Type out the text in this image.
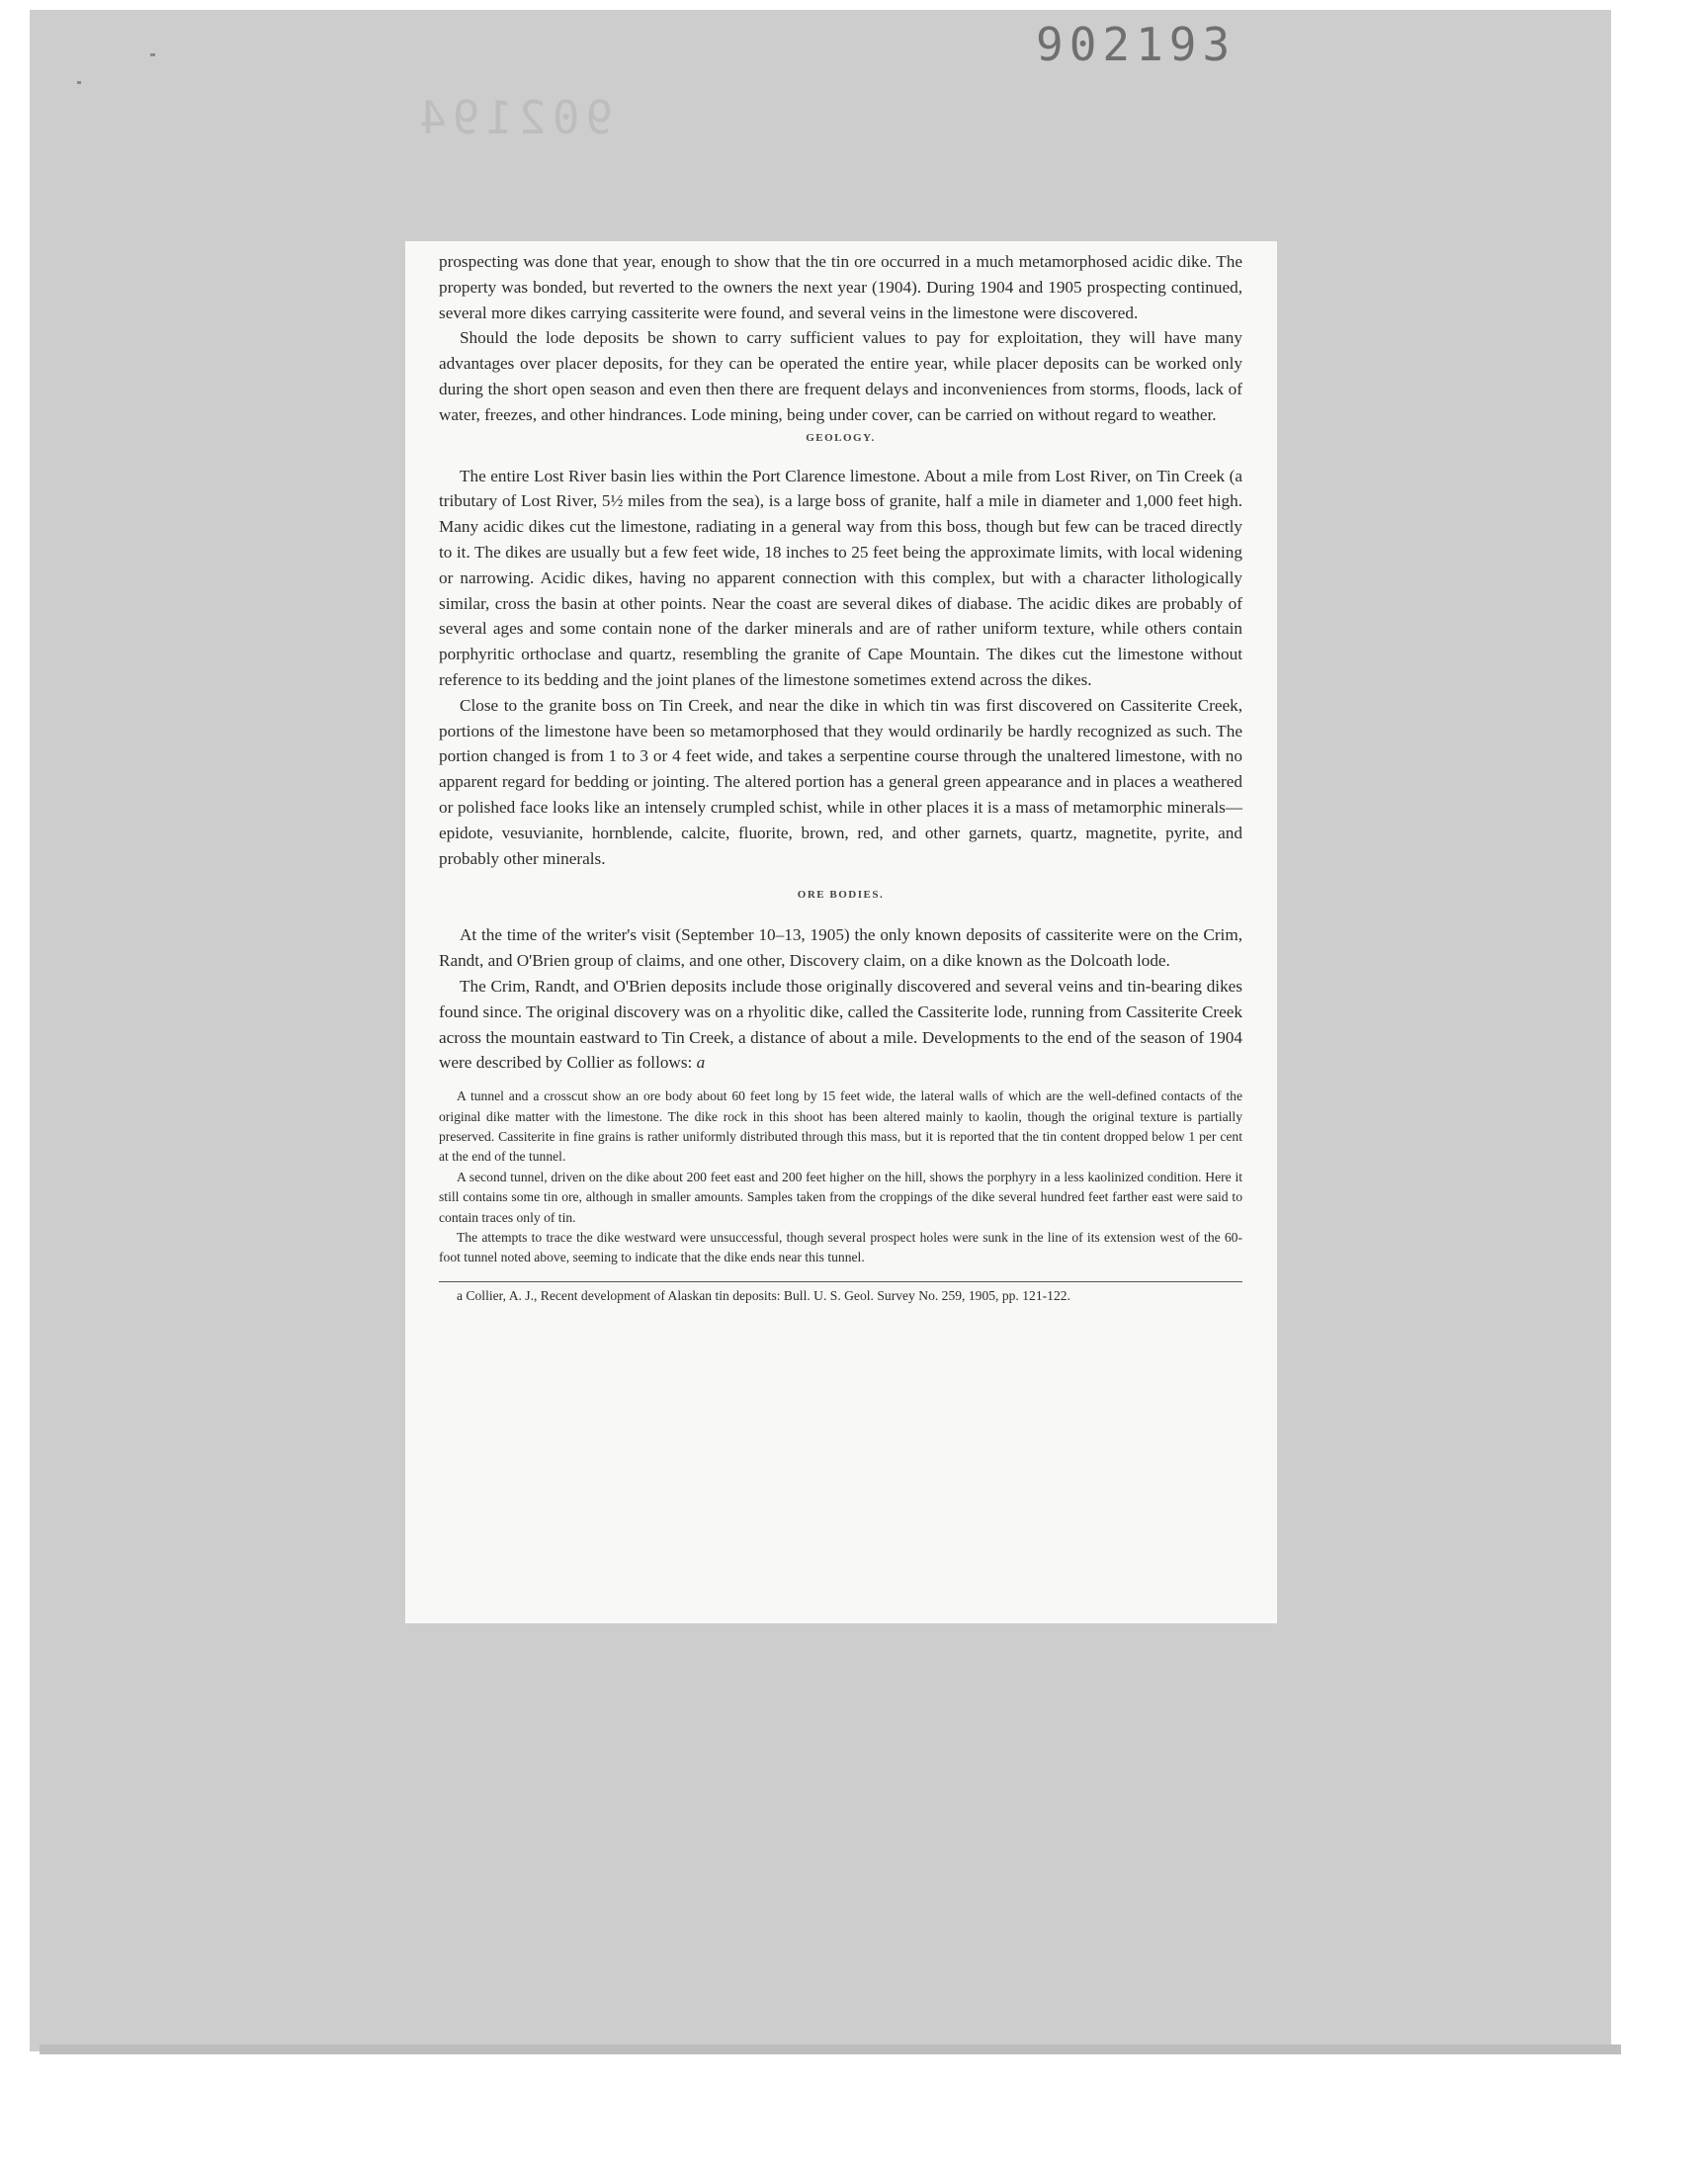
902193
902194

prospecting was done that year, enough to show that the tin ore occurred in a much metamorphosed acidic dike. The property was bonded, but reverted to the owners the next year (1904). During 1904 and 1905 prospecting continued, several more dikes carrying cassiterite were found, and several veins in the limestone were discovered.

Should the lode deposits be shown to carry sufficient values to pay for exploitation, they will have many advantages over placer deposits, for they can be operated the entire year, while placer deposits can be worked only during the short open season and even then there are frequent delays and inconveniences from storms, floods, lack of water, freezes, and other hindrances. Lode mining, being under cover, can be carried on without regard to weather.

GEOLOGY.

The entire Lost River basin lies within the Port Clarence limestone. About a mile from Lost River, on Tin Creek (a tributary of Lost River, 5½ miles from the sea), is a large boss of granite, half a mile in diameter and 1,000 feet high. Many acidic dikes cut the limestone, radiating in a general way from this boss, though but few can be traced directly to it. The dikes are usually but a few feet wide, 18 inches to 25 feet being the approximate limits, with local widening or narrowing. Acidic dikes, having no apparent connection with this complex, but with a character lithologically similar, cross the basin at other points. Near the coast are several dikes of diabase. The acidic dikes are probably of several ages and some contain none of the darker minerals and are of rather uniform texture, while others contain porphyritic orthoclase and quartz, resembling the granite of Cape Mountain. The dikes cut the limestone without reference to its bedding and the joint planes of the limestone sometimes extend across the dikes.

Close to the granite boss on Tin Creek, and near the dike in which tin was first discovered on Cassiterite Creek, portions of the limestone have been so metamorphosed that they would ordinarily be hardly recognized as such. The portion changed is from 1 to 3 or 4 feet wide, and takes a serpentine course through the unaltered limestone, with no apparent regard for bedding or jointing. The altered portion has a general green appearance and in places a weathered or polished face looks like an intensely crumpled schist, while in other places it is a mass of metamorphic minerals—epidote, vesuvianite, hornblende, calcite, fluorite, brown, red, and other garnets, quartz, magnetite, pyrite, and probably other minerals.

ORE BODIES.

At the time of the writer's visit (September 10–13, 1905) the only known deposits of cassiterite were on the Crim, Randt, and O'Brien group of claims, and one other, Discovery claim, on a dike known as the Dolcoath lode.

The Crim, Randt, and O'Brien deposits include those originally discovered and several veins and tin-bearing dikes found since. The original discovery was on a rhyolitic dike, called the Cassiterite lode, running from Cassiterite Creek across the mountain eastward to Tin Creek, a distance of about a mile. Developments to the end of the season of 1904 were described by Collier as follows: a

A tunnel and a crosscut show an ore body about 60 feet long by 15 feet wide, the lateral walls of which are the well-defined contacts of the original dike matter with the limestone. The dike rock in this shoot has been altered mainly to kaolin, though the original texture is partially preserved. Cassiterite in fine grains is rather uniformly distributed through this mass, but it is reported that the tin content dropped below 1 per cent at the end of the tunnel.

A second tunnel, driven on the dike about 200 feet east and 200 feet higher on the hill, shows the porphyry in a less kaolinized condition. Here it still contains some tin ore, although in smaller amounts. Samples taken from the croppings of the dike several hundred feet farther east were said to contain traces only of tin.

The attempts to trace the dike westward were unsuccessful, though several prospect holes were sunk in the line of its extension west of the 60-foot tunnel noted above, seeming to indicate that the dike ends near this tunnel.

a Collier, A. J., Recent development of Alaskan tin deposits: Bull. U. S. Geol. Survey No. 259, 1905, pp. 121-122.
